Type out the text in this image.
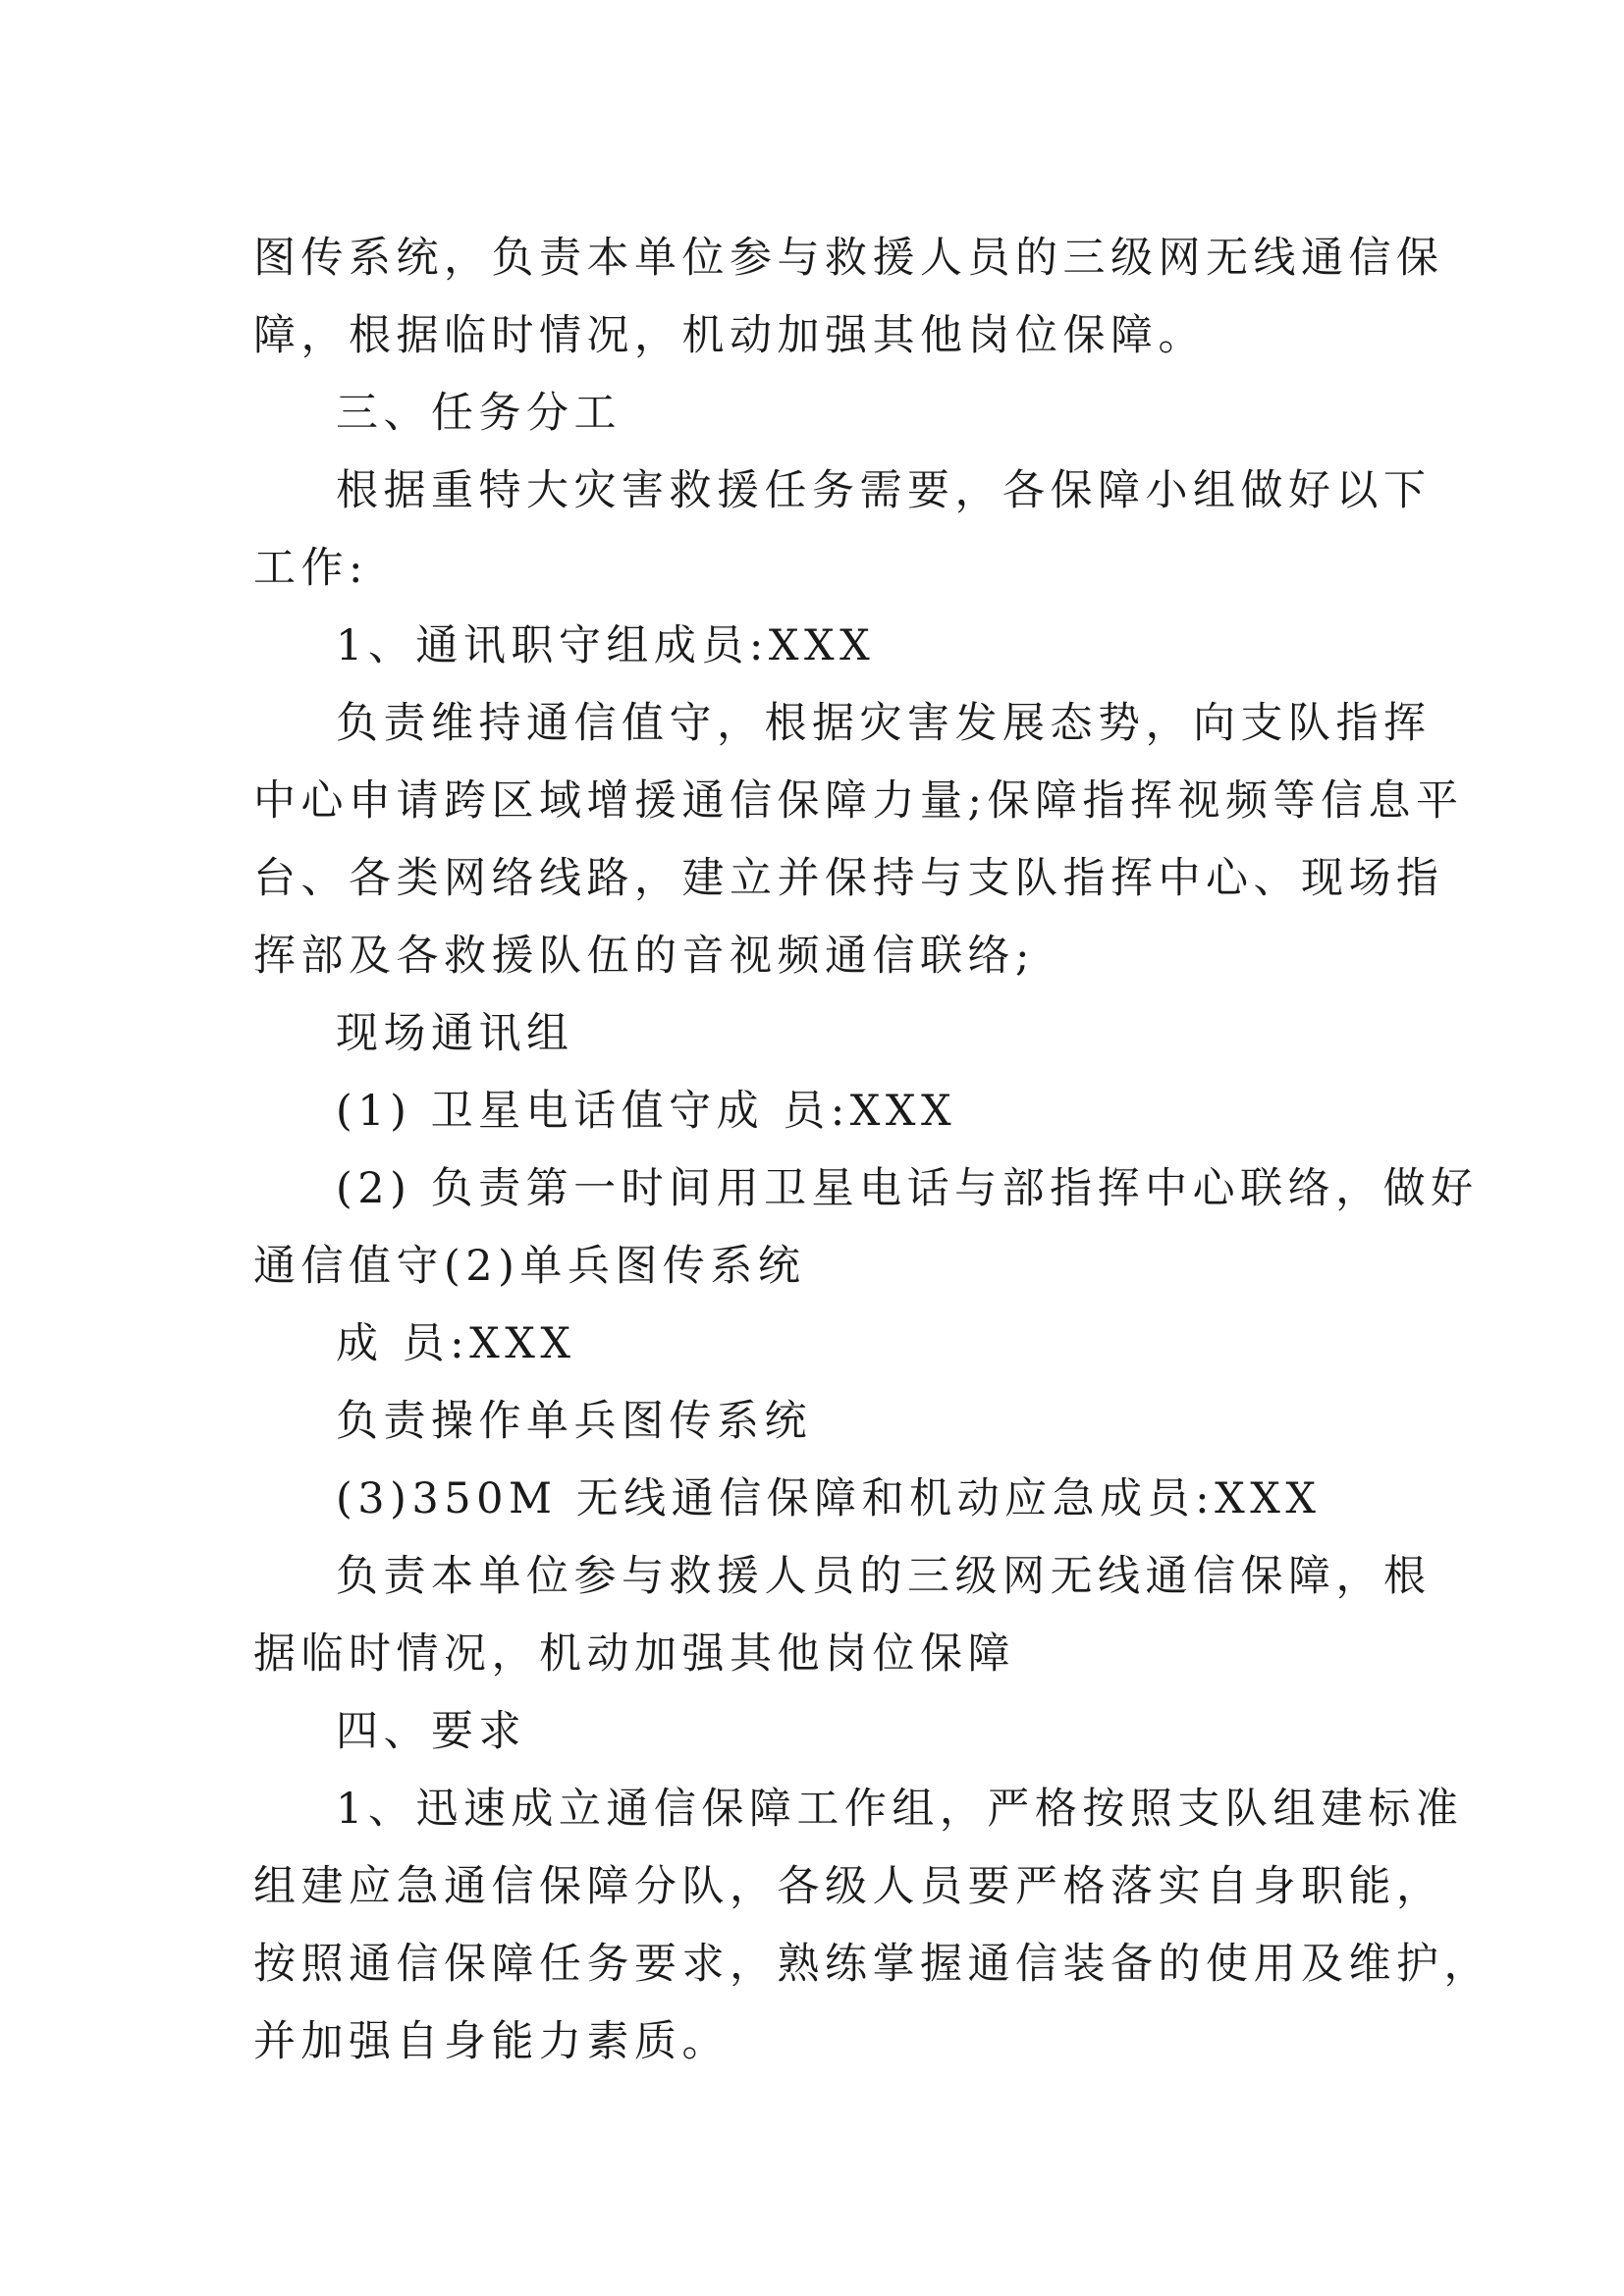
图传系统，负责本单位参与救援人员的三级网无线通信保
障，根据临时情况，机动加强其他岗位保障。
三、任务分工
根据重特大灾害救援任务需要，各保障小组做好以下
工作:
1、通讯职守组成员:XXX
负责维持通信值守，根据灾害发展态势，向支队指挥
中心申请跨区域增援通信保障力量;保障指挥视频等信息平
台、各类网络线路，建立并保持与支队指挥中心、现场指
挥部及各救援队伍的音视频通信联络;
现场通讯组
(1) 卫星电话值守成 员:XXX
(2) 负责第一时间用卫星电话与部指挥中心联络，做好
通信值守(2)单兵图传系统
成 员:XXX
负责操作单兵图传系统
(3)350M 无线通信保障和机动应急成员:XXX
负责本单位参与救援人员的三级网无线通信保障，根
据临时情况，机动加强其他岗位保障
四、要求
1、迅速成立通信保障工作组，严格按照支队组建标准
组建应急通信保障分队，各级人员要严格落实自身职能，
按照通信保障任务要求，熟练掌握通信装备的使用及维护，
并加强自身能力素质。
